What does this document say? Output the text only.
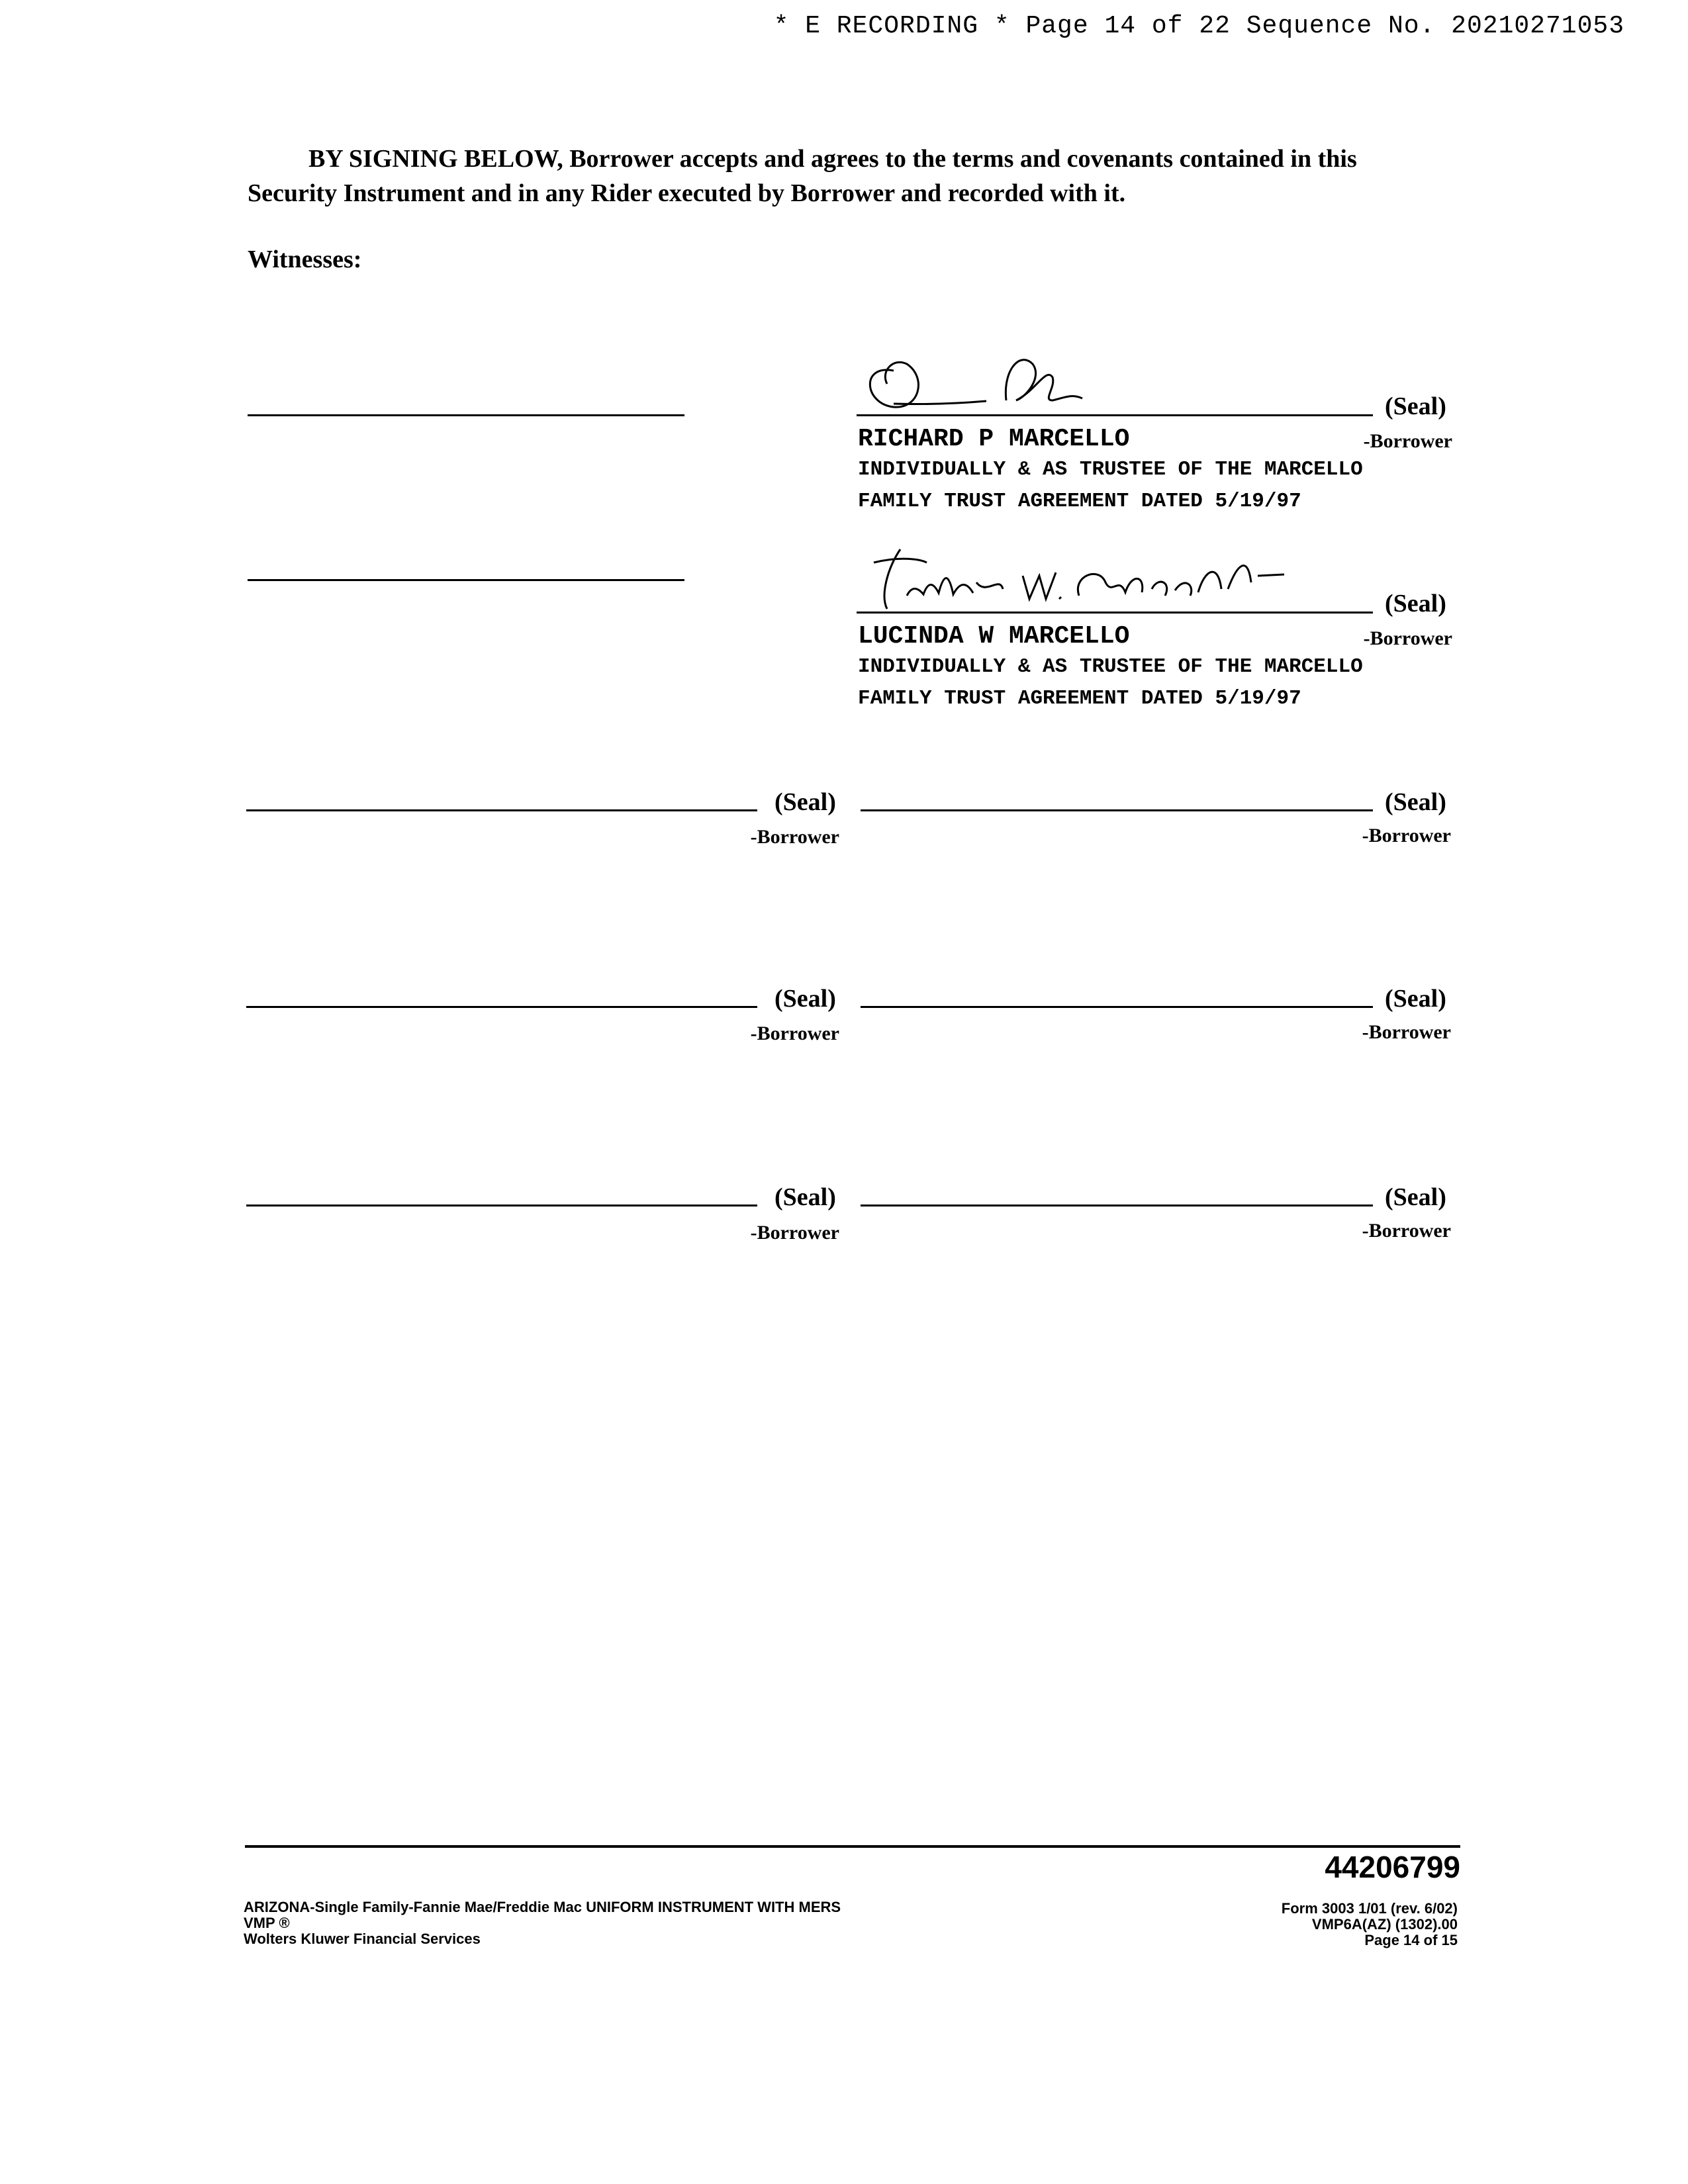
* E RECORDING * Page 14 of 22 Sequence No. 20210271053
BY SIGNING BELOW, Borrower accepts and agrees to the terms and covenants contained in this
Security Instrument and in any Rider executed by Borrower and recorded with it.
Witnesses:
(Seal)
-Borrower
RICHARD P MARCELLO
INDIVIDUALLY & AS TRUSTEE OF THE MARCELLO
FAMILY TRUST AGREEMENT DATED 5/19/97
(Seal)
-Borrower
LUCINDA W MARCELLO
INDIVIDUALLY & AS TRUSTEE OF THE MARCELLO
FAMILY TRUST AGREEMENT DATED 5/19/97
(Seal)
-Borrower
(Seal)
-Borrower
(Seal)
-Borrower
(Seal)
-Borrower
(Seal)
-Borrower
(Seal)
-Borrower
44206799
ARIZONA-Single Family-Fannie Mae/Freddie Mac UNIFORM INSTRUMENT WITH MERS
VMP ®
Wolters Kluwer Financial Services
Form 3003 1/01 (rev. 6/02)
VMP6A(AZ) (1302).00
Page 14 of 15
